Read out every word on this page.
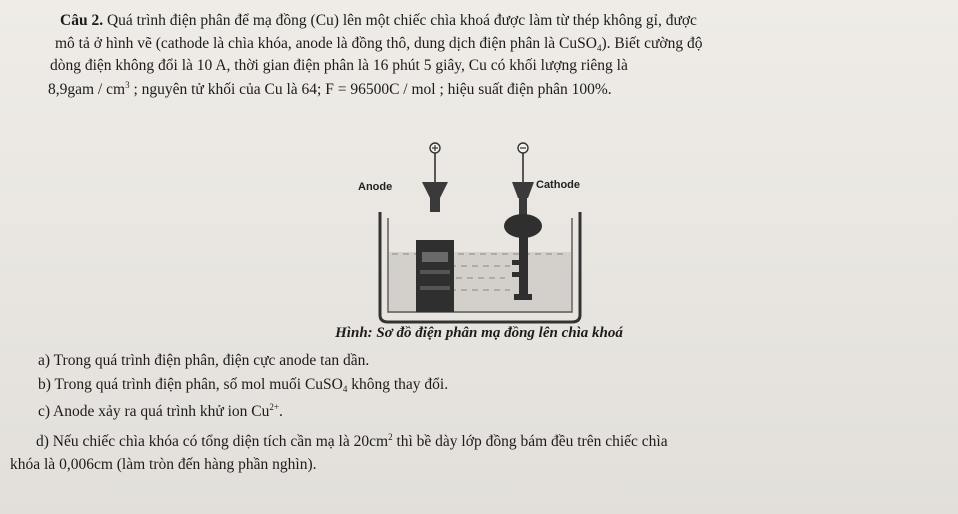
Câu 2. Quá trình điện phân để mạ đồng (Cu) lên một chiếc chìa khoá được làm từ thép không gỉ, được
mô tả ở hình vẽ (cathode là chìa khóa, anode là đồng thô, dung dịch điện phân là CuSO$_4$). Biết cường độ
dòng điện không đổi là 10 A, thời gian điện phân là 16 phút 5 giây, Cu có khối lượng riêng là
$8,9gam / cm^3$ ; nguyên tử khối của Cu là 64; F = 96500C / mol ; hiệu suất điện phân 100%.
Anode	Cathode
Hình: Sơ đồ điện phân mạ đồng lên chìa khoá
a) Trong quá trình điện phân, điện cực anode tan dần.
b) Trong quá trình điện phân, số mol muối CuSO$_4$ không thay đổi.
c) Anode xảy ra quá trình khử ion $Cu^{2+}$.
d) Nếu chiếc chìa khóa có tổng diện tích cần mạ là $20cm^2$ thì bề dày lớp đồng bám đều trên chiếc chìa
khóa là 0,006cm (làm tròn đến hàng phần nghìn).
